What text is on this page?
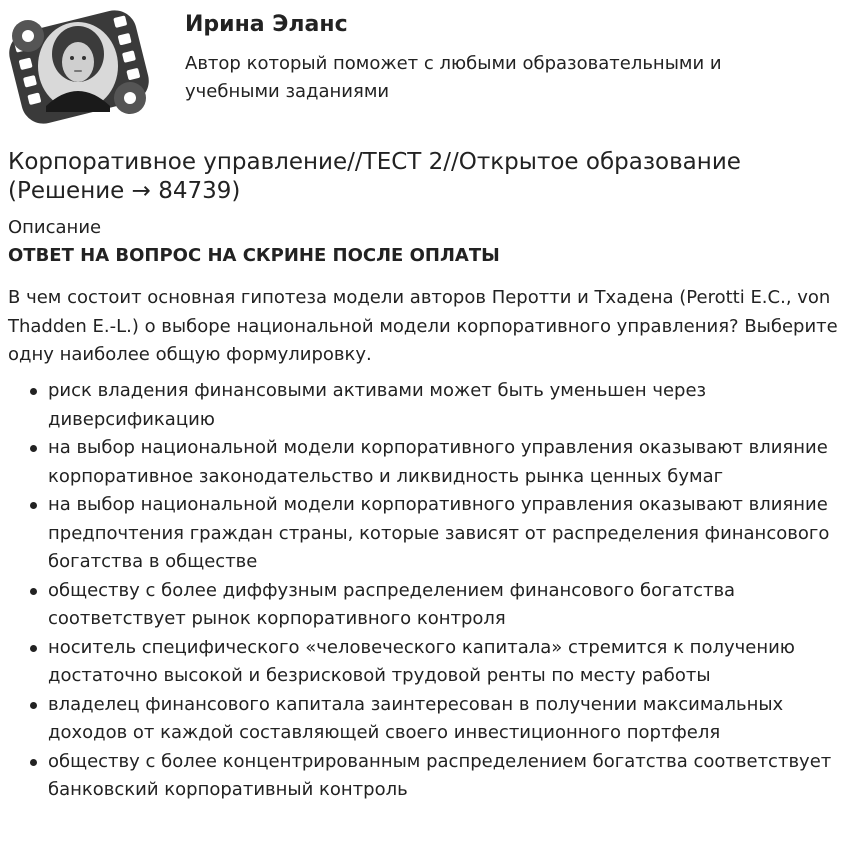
Ирина Эланс
Автор который поможет с любыми образовательными и учебными заданиями
Корпоративное управление//ТЕСТ 2//Открытое образование (Решение → 84739)
Описание
ОТВЕТ НА ВОПРОС НА СКРИНЕ ПОСЛЕ ОПЛАТЫ
В чем состоит основная гипотеза модели авторов Перотти и Тхадена (Perotti E.C., von Thadden E.-L.) о выборе национальной модели корпоративного управления? Выберите одну наиболее общую формулировку.
риск владения финансовыми активами может быть уменьшен через диверсификацию
на выбор национальной модели корпоративного управления оказывают влияние корпоративное законодательство и ликвидность рынка ценных бумаг
на выбор национальной модели корпоративного управления оказывают влияние предпочтения граждан страны, которые зависят от распределения финансового богатства в обществе
обществу с более диффузным распределением финансового богатства соответствует рынок корпоративного контроля
носитель специфического «человеческого капитала» стремится к получению достаточно высокой и безрисковой трудовой ренты по месту работы
владелец финансового капитала заинтересован в получении максимальных доходов от каждой составляющей своего инвестиционного портфеля
обществу с более концентрированным распределением богатства соответствует банковский корпоративный контроль
